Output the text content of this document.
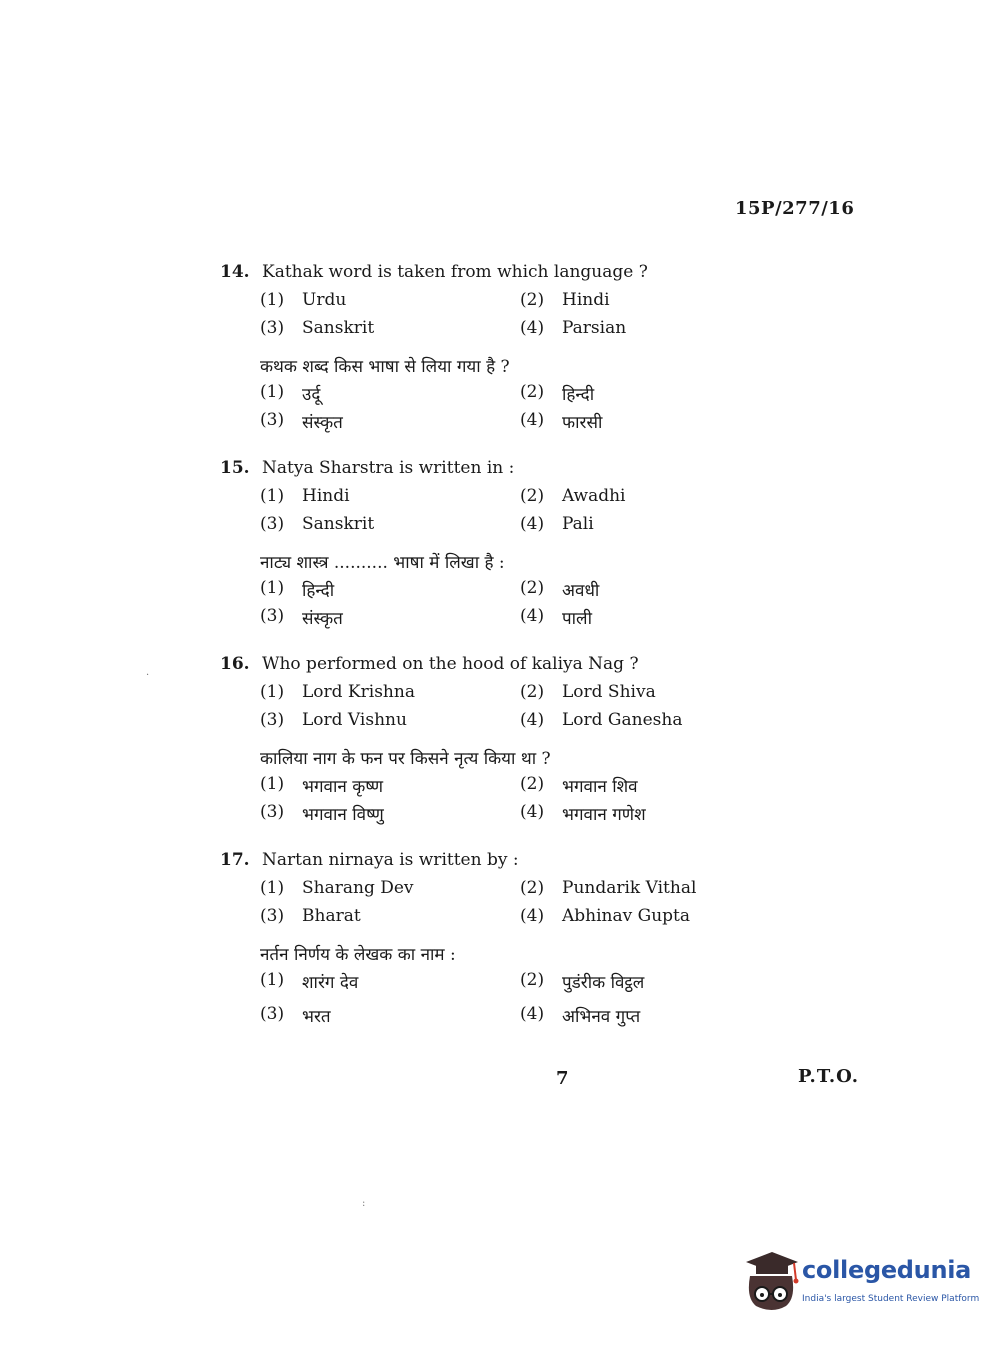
15P/277/16
14. Kathak word is taken from which language ?
(1)	Urdu	(2)	Hindi
(3)	Sanskrit	(4)	Parsian
कथक शब्द किस भाषा से लिया गया है ?
(1)	उर्दू	(2)	हिन्दी
(3)	संस्कृत	(4)	फारसी
15. Natya Sharstra is written in :
(1)	Hindi	(2)	Awadhi
(3)	Sanskrit	(4)	Pali
नाट्य शास्त्र .......... भाषा में लिखा है :
(1)	हिन्दी	(2)	अवधी
(3)	संस्कृत	(4)	पाली
16. Who performed on the hood of kaliya Nag ?
(1)	Lord Krishna	(2)	Lord Shiva
(3)	Lord Vishnu	(4)	Lord Ganesha
कालिया नाग के फन पर किसने नृत्य किया था ?
(1)	भगवान कृष्ण	(2)	भगवान शिव
(3)	भगवान विष्णु	(4)	भगवान गणेश
17. Nartan nirnaya is written by :
(1)	Sharang Dev	(2)	Pundarik Vithal
(3)	Bharat	(4)	Abhinav Gupta
नर्तन निर्णय के लेखक का नाम :
(1)	शारंग देव	(2)	पुडंरीक विट्ठल
(3)	भरत	(4)	अभिनव गुप्त
7	P.T.O.
·
:
collegedunia
India's largest Student Review Platform
